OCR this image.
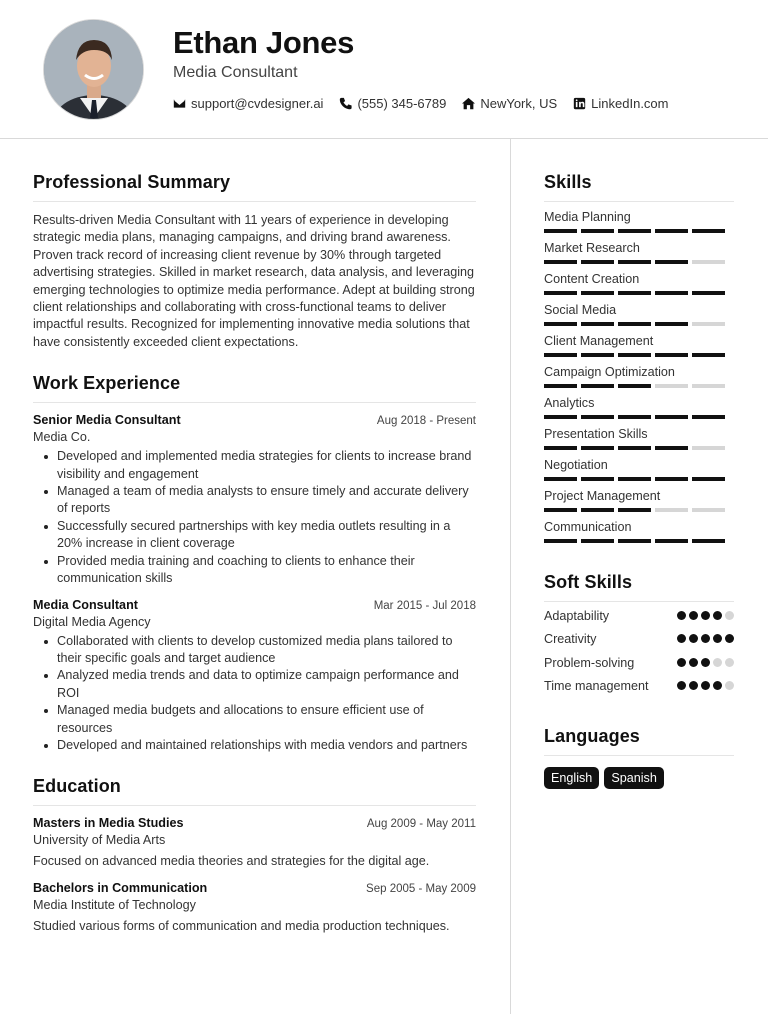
Ethan Jones
Media Consultant
support@cvdesigner.ai	(555) 345-6789	NewYork, US	LinkedIn.com
Professional Summary

Results-driven Media Consultant with 11 years of experience in developing strategic media plans, managing campaigns, and driving brand awareness. Proven track record of increasing client revenue by 30% through targeted advertising strategies. Skilled in market research, data analysis, and leveraging emerging technologies to optimize media performance. Adept at building strong client relationships and collaborating with cross-functional teams to deliver impactful results. Recognized for implementing innovative media solutions that have consistently exceeded client expectations.

Work Experience
Senior Media Consultant	Aug 2018 - Present
Media Co.
Developed and implemented media strategies for clients to increase brand visibility and engagement
Managed a team of media analysts to ensure timely and accurate delivery of reports
Successfully secured partnerships with key media outlets resulting in a 20% increase in client coverage
Provided media training and coaching to clients to enhance their communication skills
Media Consultant	Mar 2015 - Jul 2018
Digital Media Agency
Collaborated with clients to develop customized media plans tailored to their specific goals and target audience
Analyzed media trends and data to optimize campaign performance and ROI
Managed media budgets and allocations to ensure efficient use of resources
Developed and maintained relationships with media vendors and partners
Education
Masters in Media Studies	Aug 2009 - May 2011
University of Media Arts
Focused on advanced media theories and strategies for the digital age.
Bachelors in Communication	Sep 2005 - May 2009
Media Institute of Technology
Studied various forms of communication and media production techniques.
Skills
Media Planning
Market Research
Content Creation
Social Media
Client Management
Campaign Optimization
Analytics
Presentation Skills
Negotiation
Project Management
Communication
Soft Skills
Adaptability
Creativity
Problem-solving
Time management
Languages
English	Spanish
